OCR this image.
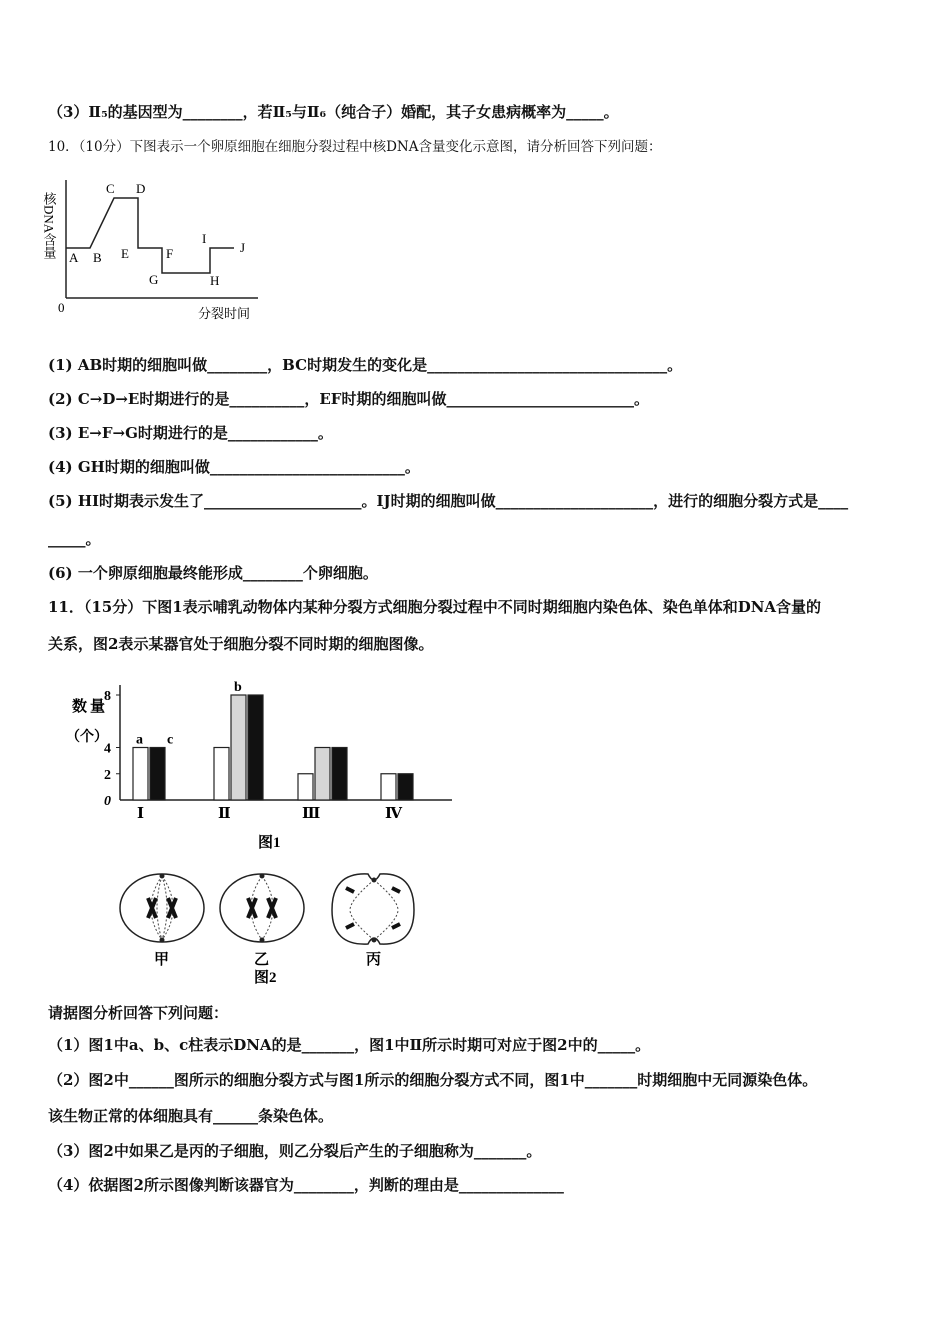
（3）Ⅱ₅的基因型为________，若Ⅱ₅与Ⅱ₆（纯合子）婚配，其子女患病概率为_____。
10．（10分）下图表示一个卵原细胞在细胞分裂过程中核DNA含量变化示意图，请分析回答下列问题：
核DNA含量
0	分裂时间
A B
C D
E	F
G	H
I
J
(1) AB时期的细胞叫做________，BC时期发生的变化是________________________________。
(2) C→D→E时期进行的是__________，EF时期的细胞叫做_________________________。
(3) E→F→G时期进行的是____________。
(4) GH时期的细胞叫做__________________________。
(5) HI时期表示发生了_____________________。IJ时期的细胞叫做_____________________，进行的细胞分裂方式是____
_____。
(6) 一个卵原细胞最终能形成________个卵细胞。
11．（15分）下图1表示哺乳动物体内某种分裂方式细胞分裂过程中不同时期细胞内染色体、染色单体和DNA含量的
关系，图2表示某器官处于细胞分裂不同时期的细胞图像。
数 量
（个）
0
2
4
8
Ⅰ	Ⅱ	Ⅲ	Ⅳ
a c
b
图1
甲	乙	丙
图2
请据图分析回答下列问题：
（1）图1中a、b、c柱表示DNA的是_______，图1中Ⅱ所示时期可对应于图2中的_____。
（2）图2中______图所示的细胞分裂方式与图1所示的细胞分裂方式不同，图1中_______时期细胞中无同源染色体。
该生物正常的体细胞具有______条染色体。
（3）图2中如果乙是丙的子细胞，则乙分裂后产生的子细胞称为_______。
（4）依据图2所示图像判断该器官为________，判断的理由是______________
